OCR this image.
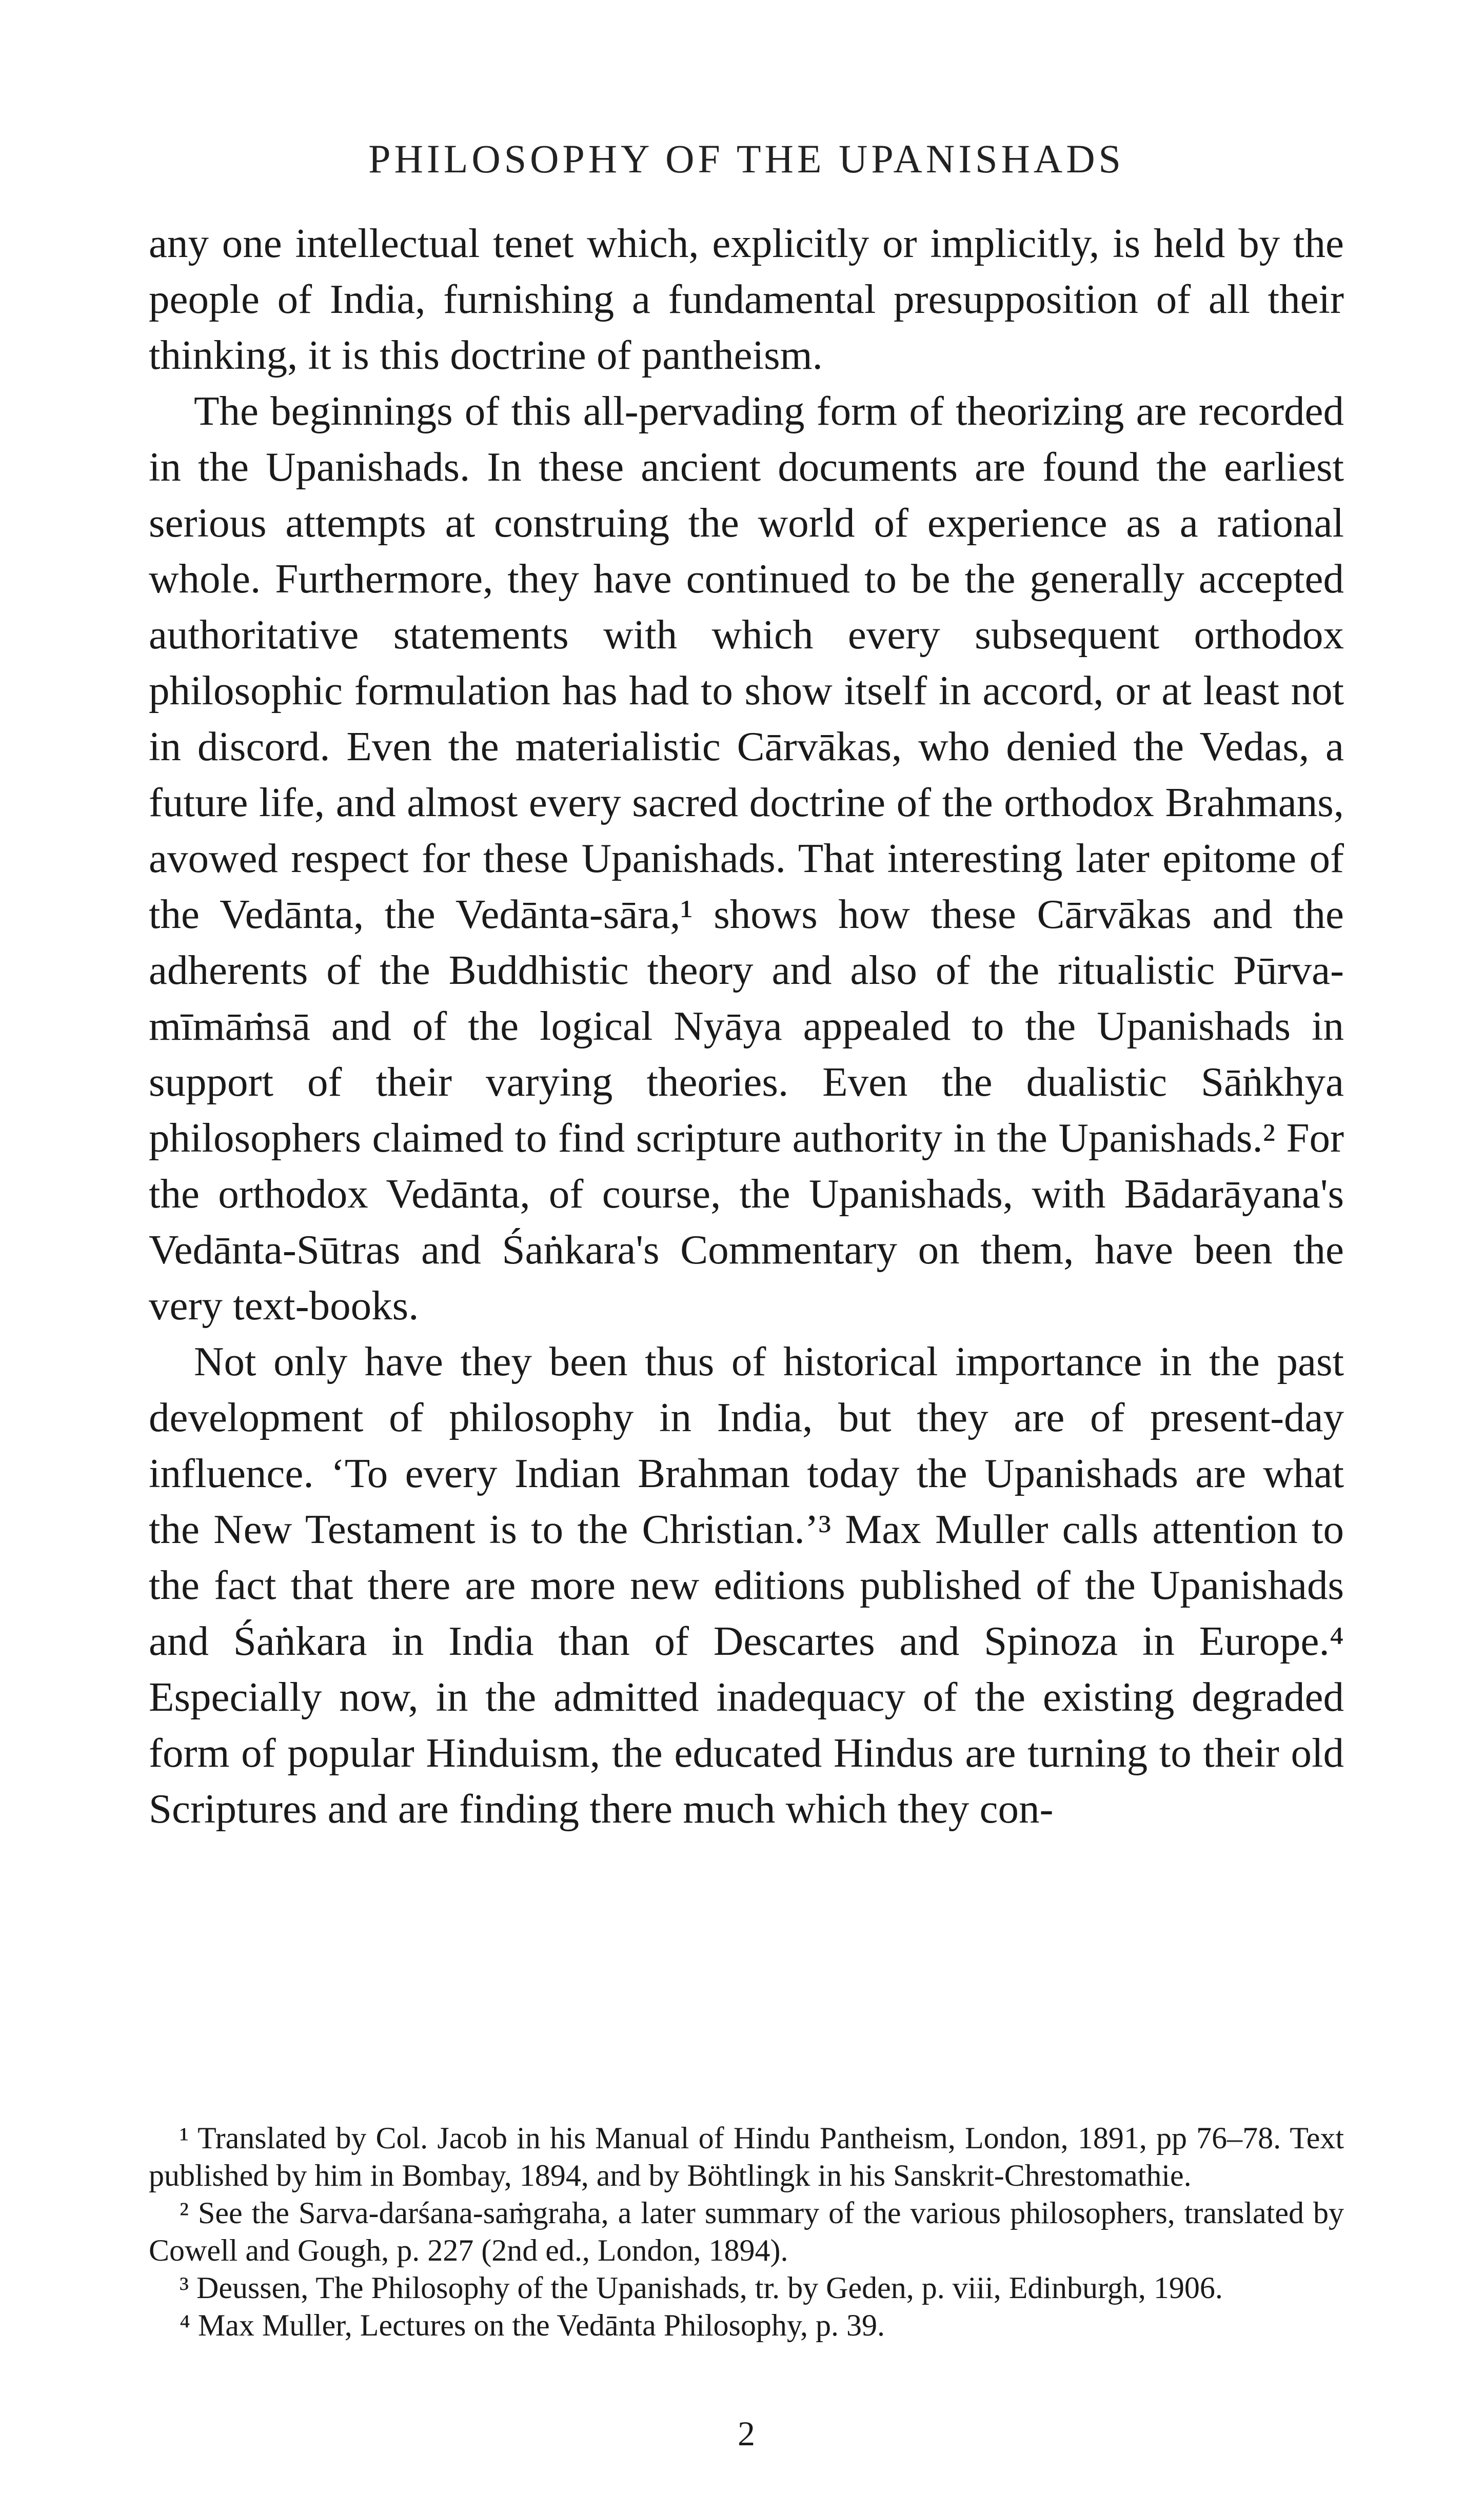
PHILOSOPHY OF THE UPANISHADS

any one intellectual tenet which, explicitly or implicitly, is held by the people of India, furnishing a fundamental presupposition of all their thinking, it is this doctrine of pantheism.

The beginnings of this all-pervading form of theorizing are recorded in the Upanishads. In these ancient documents are found the earliest serious attempts at construing the world of experience as a rational whole. Furthermore, they have continued to be the generally accepted authoritative statements with which every subsequent orthodox philosophic formulation has had to show itself in accord, or at least not in discord. Even the materialistic Cārvākas, who denied the Vedas, a future life, and almost every sacred doctrine of the orthodox Brahmans, avowed respect for these Upanishads. That interesting later epitome of the Vedānta, the Vedānta-sāra,¹ shows how these Cārvākas and the adherents of the Buddhistic theory and also of the ritualistic Pūrva-mīmāṁsā and of the logical Nyāya appealed to the Upanishads in support of their varying theories. Even the dualistic Sāṅkhya philosophers claimed to find scripture authority in the Upanishads.² For the orthodox Vedānta, of course, the Upanishads, with Bādarāyana's Vedānta-Sūtras and Śaṅkara's Commentary on them, have been the very text-books.

Not only have they been thus of historical importance in the past development of philosophy in India, but they are of present-day influence. ‘To every Indian Brahman today the Upanishads are what the New Testament is to the Christian.’³ Max Muller calls attention to the fact that there are more new editions published of the Upanishads and Śaṅkara in India than of Descartes and Spinoza in Europe.⁴ Especially now, in the admitted inadequacy of the existing degraded form of popular Hinduism, the educated Hindus are turning to their old Scriptures and are finding there much which they con-

¹ Translated by Col. Jacob in his Manual of Hindu Pantheism, London, 1891, pp 76–78. Text published by him in Bombay, 1894, and by Böhtlingk in his Sanskrit-Chrestomathie.

² See the Sarva-darśana-saṁgraha, a later summary of the various philosophers, translated by Cowell and Gough, p. 227 (2nd ed., London, 1894).

³ Deussen, The Philosophy of the Upanishads, tr. by Geden, p. viii, Edinburgh, 1906.

⁴ Max Muller, Lectures on the Vedānta Philosophy, p. 39.

2
